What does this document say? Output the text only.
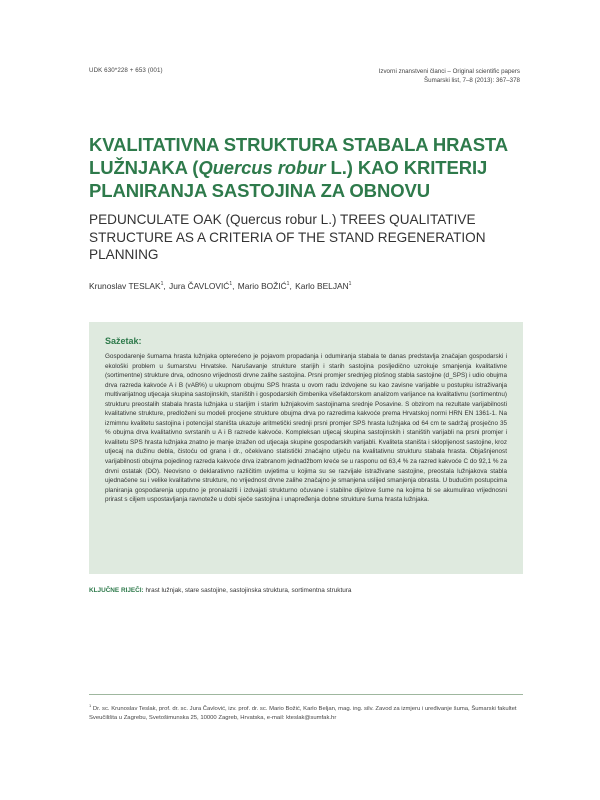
UDK 630*228 + 653 (001)	Izvorni znanstveni članci – Original scientific papers
Šumarski list, 7–8 (2013): 367–378
KVALITATIVNA STRUKTURA STABALA HRASTA LUŽNJAKA (Quercus robur L.) KAO KRITERIJ PLANIRANJA SASTOJINA ZA OBNOVU
PEDUNCULATE OAK (Quercus robur L.) TREES QUALITATIVE STRUCTURE AS A CRITERIA OF THE STAND REGENERATION PLANNING
Krunoslav TESLAK$^1$, Jura ČAVLOVIĆ$^1$, Mario BOŽIĆ$^1$, Karlo BELJAN$^1$

Sažetak:

Gospodarenje šumama hrasta lužnjaka opterećeno je pojavom propadanja i odumiranja stabala te danas predstavlja značajan gospodarski i ekološki problem u šumarstvu Hrvatske. Narušavanje strukture starijih i starih sastojina posljedično uzrokuje smanjenja kvalitativne (sortimentne) strukture drva, odnosno vrijednosti drvne zalihe sastojina. Prsni promjer srednjeg plošnog stabla sastojine (d_SPS) i udio obujma drva razreda kakvoće A i B (vAB%) u ukupnom obujmu SPS hrasta u ovom radu izdvojene su kao zavisne varijable u postupku istraživanja multivarijatnog utjecaja skupina sastojinskih, staništih i gospodarskih čimbenika višefaktorskom analizom varijance na kvalitativnu (sortimentnu) strukturu preostalih stabala hrasta lužnjaka u starijim i starim lužnjakovim sastojinama srednje Posavine. S obzirom na rezultate varijabilnosti kvalitativne strukture, predloženi su modeli procjene strukture obujma drva po razredima kakvoće prema Hrvatskoj normi HRN EN 1361-1. Na izmimnu kvalitetu sastojina i potencijal staništa ukazuje aritmetički srednji prsni promjer SPS hrasta lužnjaka od 64 cm te sadržaj prosječno 35 % obujma drva kvalitativno svrstanih u A i B razrede kakvoće. Kompleksan utjecaj skupina sastojinskih i staništih varijabli na prsni promjer i kvalitetu SPS hrasta lužnjaka znatno je manje izražen od utjecaja skupine gospodarskih varijabli. Kvaliteta staništa i sklopljenost sastojine, kroz utjecaj na dužinu debla, čistoću od grana i dr., očekivano statistički značajno utječu na kvalitativnu strukturu stabala hrasta. Objašnjenost varijabilnosti obujma pojedinog razreda kakvoće drva izabranom jednadžbom kreće se u rasponu od 63,4 % za razred kakvoće C do 92,1 % za drvni ostatak (DO). Neovisno o deklarativno različitim uvjetima u kojima su se razvijale istraživane sastojine, preostala lužnjakova stabla ujednačene su i velike kvalitativne strukture, no vrijednost drvne zalihe značajno je smanjena uslijed smanjenja obrasta. U budućim postupcima planiranja gospodarenja upputno je pronalaziti i izdvajati strukturno očuvane i stabilne dijelove šume na kojima bi se akumulirao vrijednosni prirast s ciljem uspostavljanja ravnoteže u dobi sječe sastojina i unapređenja dobne strukture šuma hrasta lužnjaka.

KLJUČNE RIJEČI: hrast lužnjak, stare sastojine, sastojinska struktura, sortimentna struktura
$^1$ Dr. sc. Krunoslav Teslak, prof. dr. sc. Jura Čavlović, izv. prof. dr. sc. Mario Božić, Karlo Beljan, mag. ing. silv. Zavod za izmjeru i uređivanje šuma, Šumarski fakultet Sveučilišta u Zagrebu, Svetošimunska 25, 10000 Zagreb, Hrvatska, e-mail: kteslak@sumfak.hr
